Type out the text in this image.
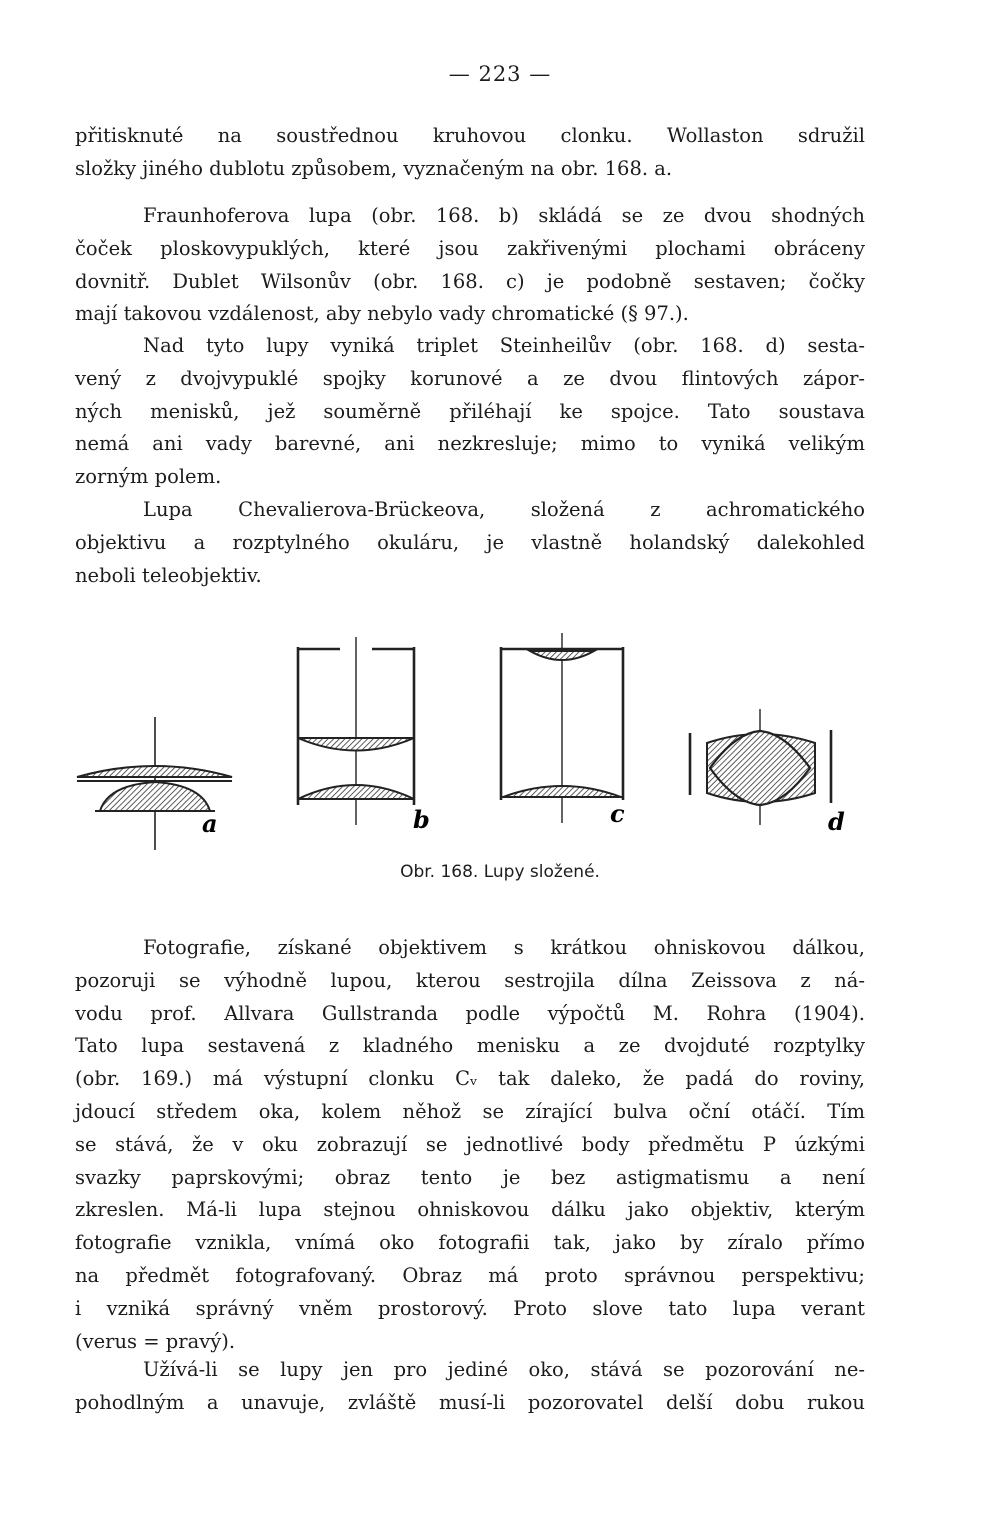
— 223 —
přitisknuté na soustřednou kruhovou clonku. Wollaston sdružil
složky jiného dublotu způsobem, vyznačeným na obr. 168. a.
Fraunhoferova lupa (obr. 168. b) skládá se ze dvou shodných
čoček ploskovypuklých, které jsou zakřivenými plochami obráceny
dovnitř. Dublet Wilsonův (obr. 168. c) je podobně sestaven; čočky
mají takovou vzdálenost, aby nebylo vady chromatické (§ 97.).
Nad tyto lupy vyniká triplet Steinheilův (obr. 168. d) sesta-
vený z dvojvypuklé spojky korunové a ze dvou flintových zápor-
ných menisků, jež souměrně přiléhají ke spojce. Tato soustava
nemá ani vady barevné, ani nezkresluje; mimo to vyniká velikým
zorným polem.
Lupa Chevalierova-Brückeova, složená z achromatického
objektivu a rozptylného okuláru, je vlastně holandský dalekohled
neboli teleobjektiv.
a	b	c	d
Obr. 168. Lupy složené.
Fotografie, získané objektivem s krátkou ohniskovou dálkou,
pozoruji se výhodně lupou, kterou sestrojila dílna Zeissova z ná-
vodu prof. Allvara Gullstranda podle výpočtů M. Rohra (1904).
Tato lupa sestavená z kladného menisku a ze dvojduté rozptylky
(obr. 169.) má výstupní clonku Cᵥ tak daleko, že padá do roviny,
jdoucí středem oka, kolem něhož se zírající bulva oční otáčí. Tím
se stává, že v oku zobrazují se jednotlivé body předmětu P úzkými
svazky paprskovými; obraz tento je bez astigmatismu a není
zkreslen. Má-li lupa stejnou ohniskovou dálku jako objektiv, kterým
fotografie vznikla, vnímá oko fotografii tak, jako by zíralo přímo
na předmět fotografovaný. Obraz má proto správnou perspektivu;
i vzniká správný vněm prostorový. Proto slove tato lupa verant
(verus = pravý).
Užívá-li se lupy jen pro jediné oko, stává se pozorování ne-
pohodlným a unavuje, zvláště musí-li pozorovatel delší dobu rukou
